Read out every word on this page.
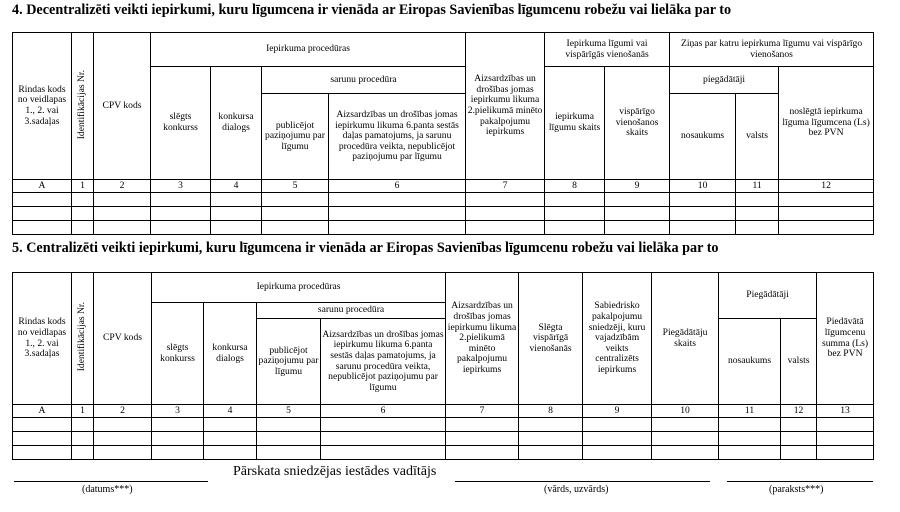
4. Decentralizēti veikti iepirkumi, kuru līgumcena ir vienāda ar Eiropas Savienības līgumcenu robežu vai lielāka par to
Rindas kods no veidlapas 1., 2. vai 3.sadaļas	Identifikācijas Nr.	CPV kods	Iepirkuma procedūras				Aizsardzības un drošības jomas iepirkumu likuma 2.pielikumā minēto pakalpojumu iepirkums	Iepirkuma līgumi vai vispārīgās vienošanās		Ziņas par katru iepirkuma līgumu vai vispārīgo vienošanos		
			slēgts konkurss	konkursa dialogs	sarunu procedūra			iepirkuma līgumu skaits	vispārīgo vienošanos skaits	piegādātāji		noslēgtā iepirkuma līguma līgumcena (Ls) bez PVN
					publicējot paziņojumu par līgumu	Aizsardzības un drošības jomas iepirkumu likuma 6.panta sestās daļas pamatojums, ja sarunu procedūra veikta, nepublicējot paziņojumu par līgumu				nosaukums	valsts	
A	1	2	3	4	5	6	7	8	9	10	11	12

5. Centralizēti veikti iepirkumi, kuru līgumcena ir vienāda ar Eiropas Savienības līgumcenu robežu vai lielāka par to
Rindas kods no veidlapas 1., 2. vai 3.sadaļas	Identifikācijas Nr.	CPV kods	Iepirkuma procedūras				Aizsardzības un drošības jomas iepirkumu likuma 2.pielikumā minēto pakalpojumu iepirkums	Slēgta vispārīgā vienošanās	Sabiedrisko pakalpojumu sniedzēji, kuru vajadzībām veikts centralizēts iepirkums	Piegādātāju skaits	Piegādātāji		Piedāvātā līgumcenu summa (Ls) bez PVN
			slēgts konkurss	konkursa dialogs	sarunu procedūra								
					publicējot paziņojumu par līgumu	Aizsardzības un drošības jomas iepirkumu likuma 6.panta sestās daļas pamatojums, ja sarunu procedūra veikta, nepublicējot paziņojumu par līgumu					nosaukums	valsts	
A	1	2	3	4	5	6	7	8	9	10	11	12	13

Pārskata sniedzējas iestādes vadītājs
(datums***)	(vārds, uzvārds)	(paraksts***)
